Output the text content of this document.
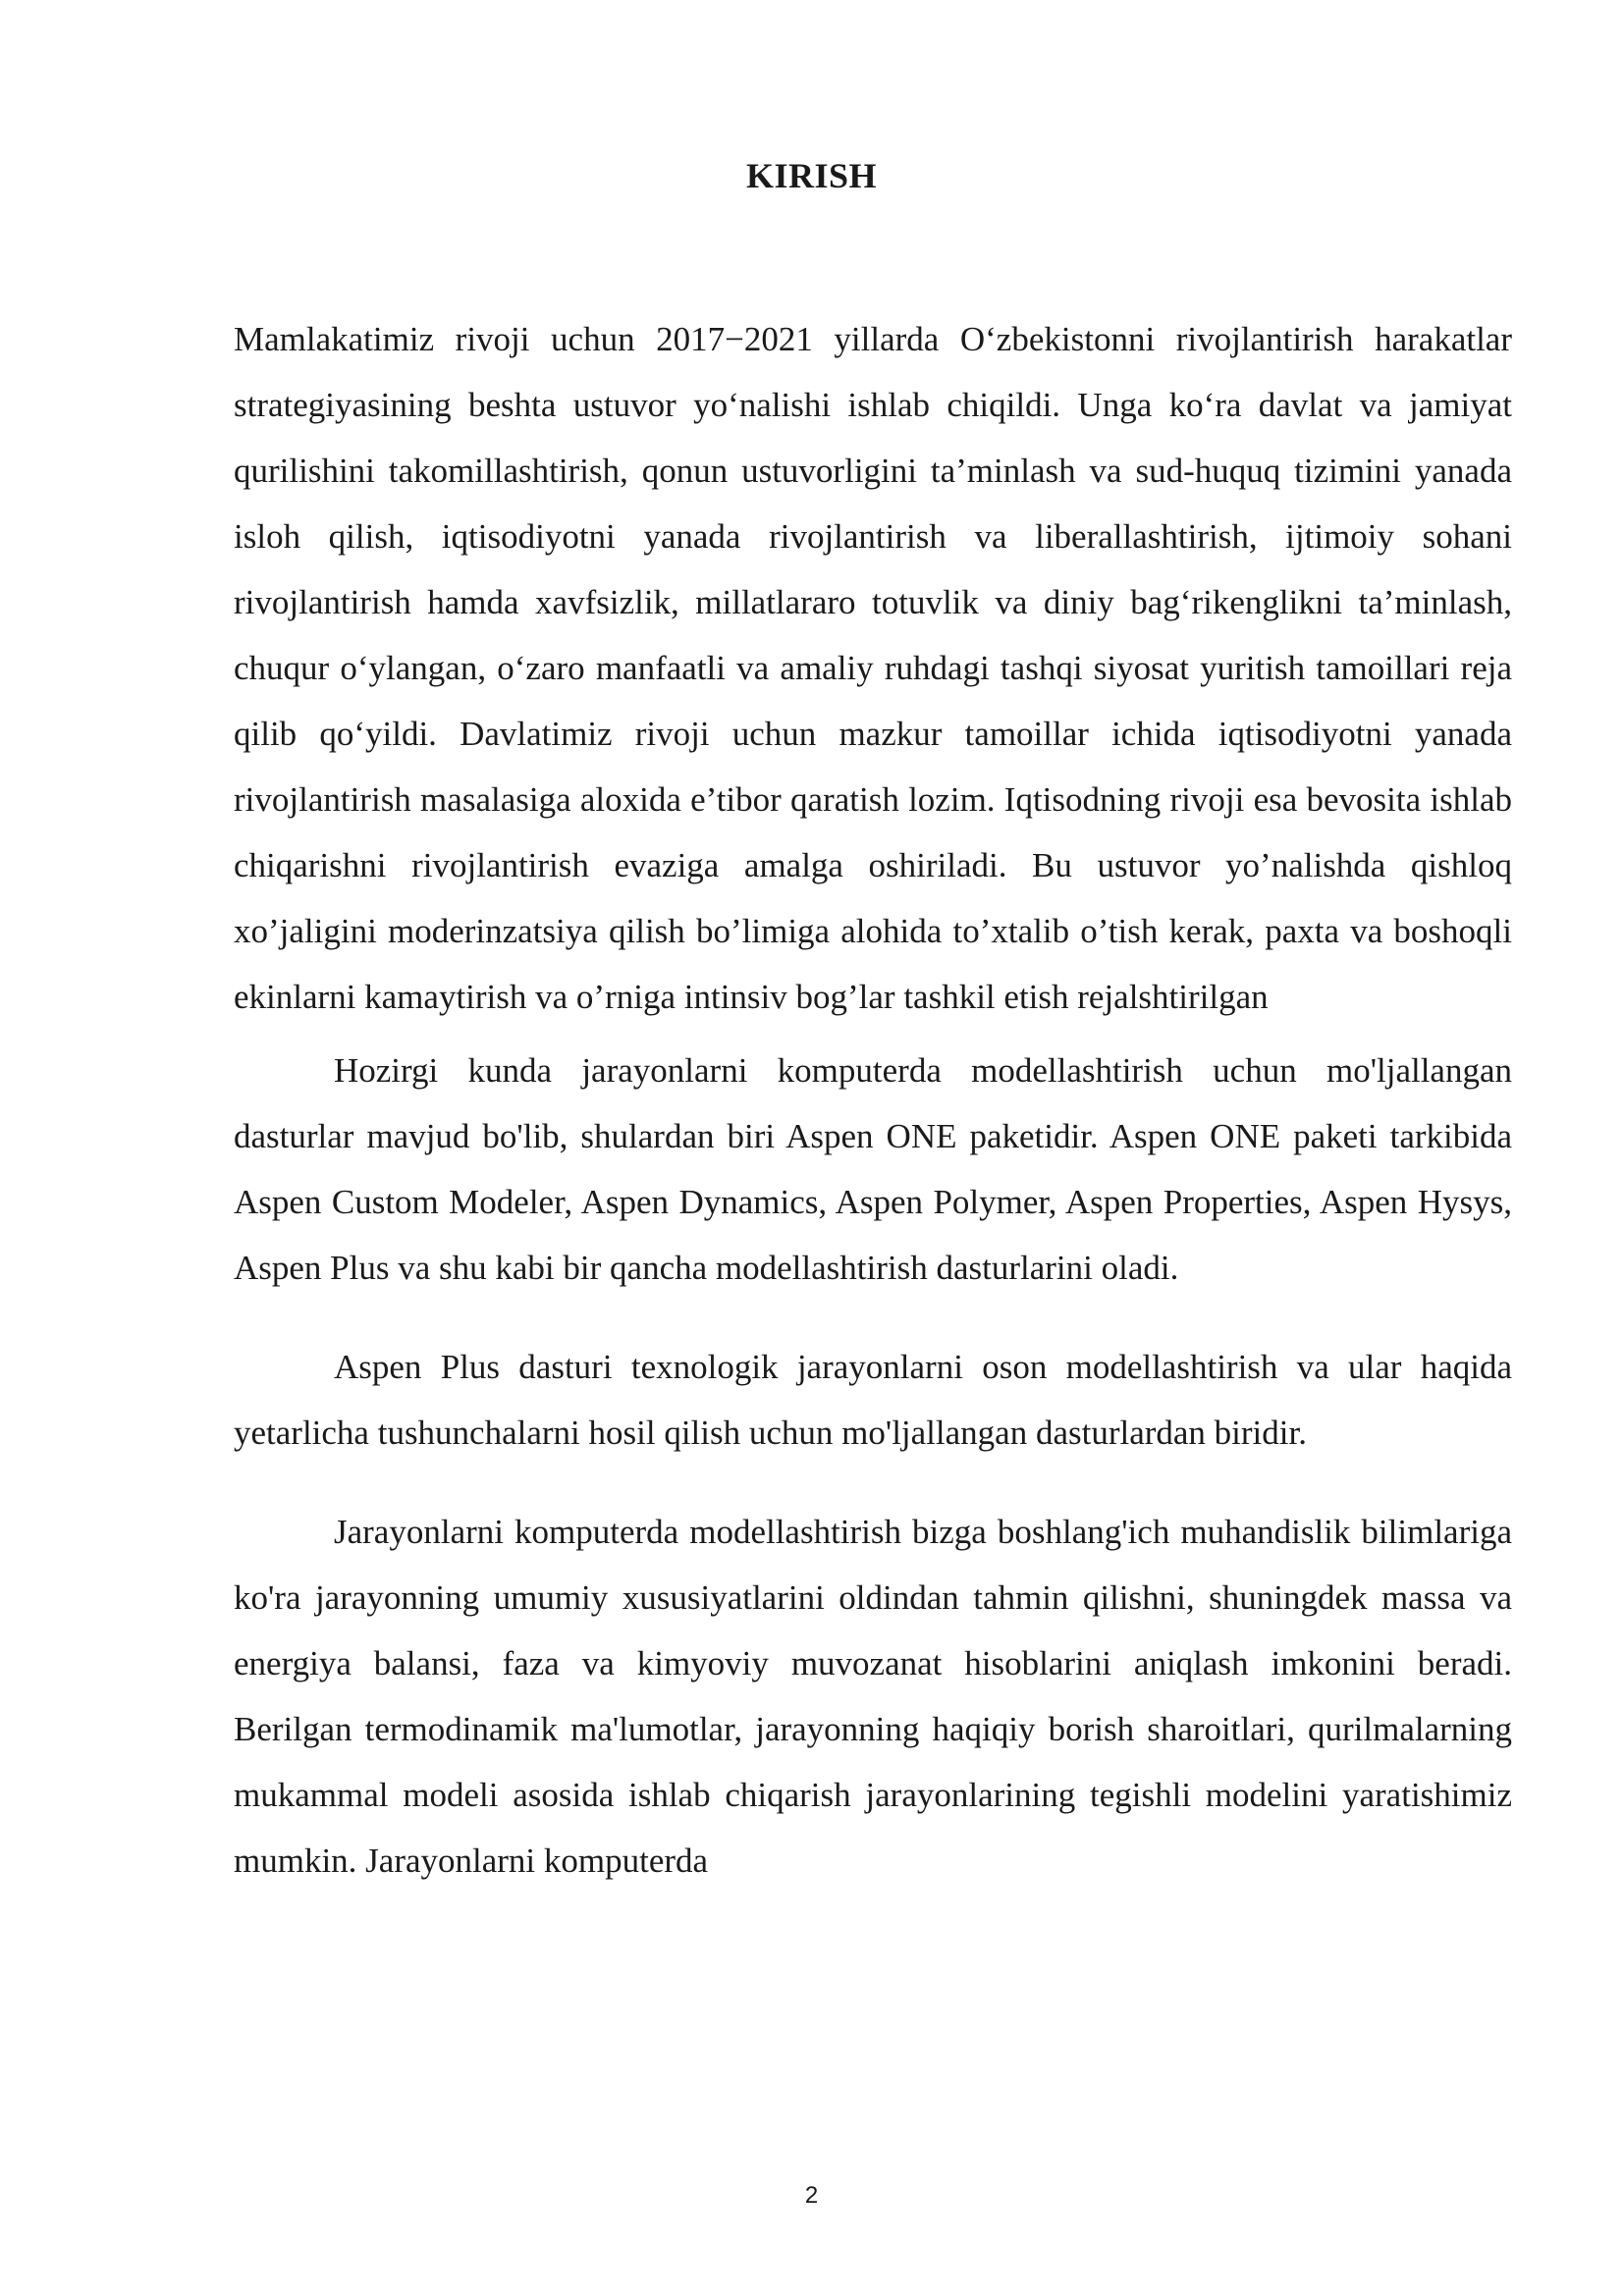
KIRISH

Mamlakatimiz rivoji uchun 2017−2021 yillarda O‘zbekistonni rivojlantirish harakatlar strategiyasining beshta ustuvor yo‘nalishi ishlab chiqildi. Unga ko‘ra davlat va jamiyat qurilishini takomillashtirish, qonun ustuvorligini ta’minlash va sud-huquq tizimini yanada isloh qilish, iqtisodiyotni yanada rivojlantirish va liberallashtirish, ijtimoiy sohani rivojlantirish hamda xavfsizlik, millatlararo totuvlik va diniy bag‘rikenglikni ta’minlash, chuqur o‘ylangan, o‘zaro manfaatli va amaliy ruhdagi tashqi siyosat yuritish tamoillari reja qilib qo‘yildi. Davlatimiz rivoji uchun mazkur tamoillar ichida iqtisodiyotni yanada rivojlantirish masalasiga aloxida e’tibor qaratish lozim. Iqtisodning rivoji esa bevosita ishlab chiqarishni rivojlantirish evaziga amalga oshiriladi. Bu ustuvor yo’nalishda qishloq xo’jaligini moderinzatsiya qilish bo’limiga alohida to’xtalib o’tish kerak, paxta va boshoqli ekinlarni kamaytirish va o’rniga intinsiv bog’lar tashkil etish rejalshtirilgan

Hozirgi kunda jarayonlarni komputerda modellashtirish uchun mo'ljallangan dasturlar mavjud bo'lib, shulardan biri Aspen ONE paketidir. Aspen ONE paketi tarkibida Aspen Custom Modeler, Aspen Dynamics, Aspen Polymer, Aspen Properties, Aspen Hysys, Aspen Plus va shu kabi bir qancha modellashtirish dasturlarini oladi.

Aspen Plus dasturi texnologik jarayonlarni oson modellashtirish va ular haqida yetarlicha tushunchalarni hosil qilish uchun mo'ljallangan dasturlardan biridir.

Jarayonlarni komputerda modellashtirish bizga boshlang'ich muhandislik bilimlariga ko'ra jarayonning umumiy xususiyatlarini oldindan tahmin qilishni, shuningdek massa va energiya balansi, faza va kimyoviy muvozanat hisoblarini aniqlash imkonini beradi. Berilgan termodinamik ma'lumotlar, jarayonning haqiqiy borish sharoitlari, qurilmalarning mukammal modeli asosida ishlab chiqarish jarayonlarining tegishli modelini yaratishimiz mumkin. Jarayonlarni komputerda

2
